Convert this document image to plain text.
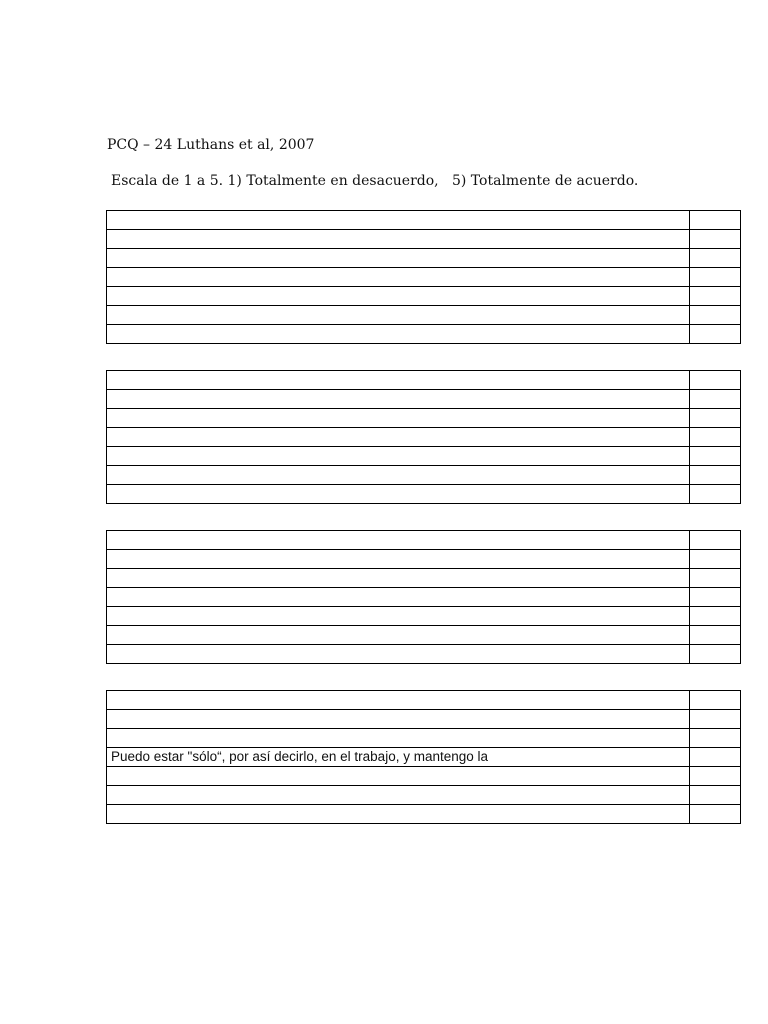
PCQ – 24 Luthans et al, 2007
Escala de 1 a 5. 1) Totalmente en desacuerdo,   5) Totalmente de acuerdo.

Puedo estar "sólo“, por así decirlo, en el trabajo, y mantengo la	
